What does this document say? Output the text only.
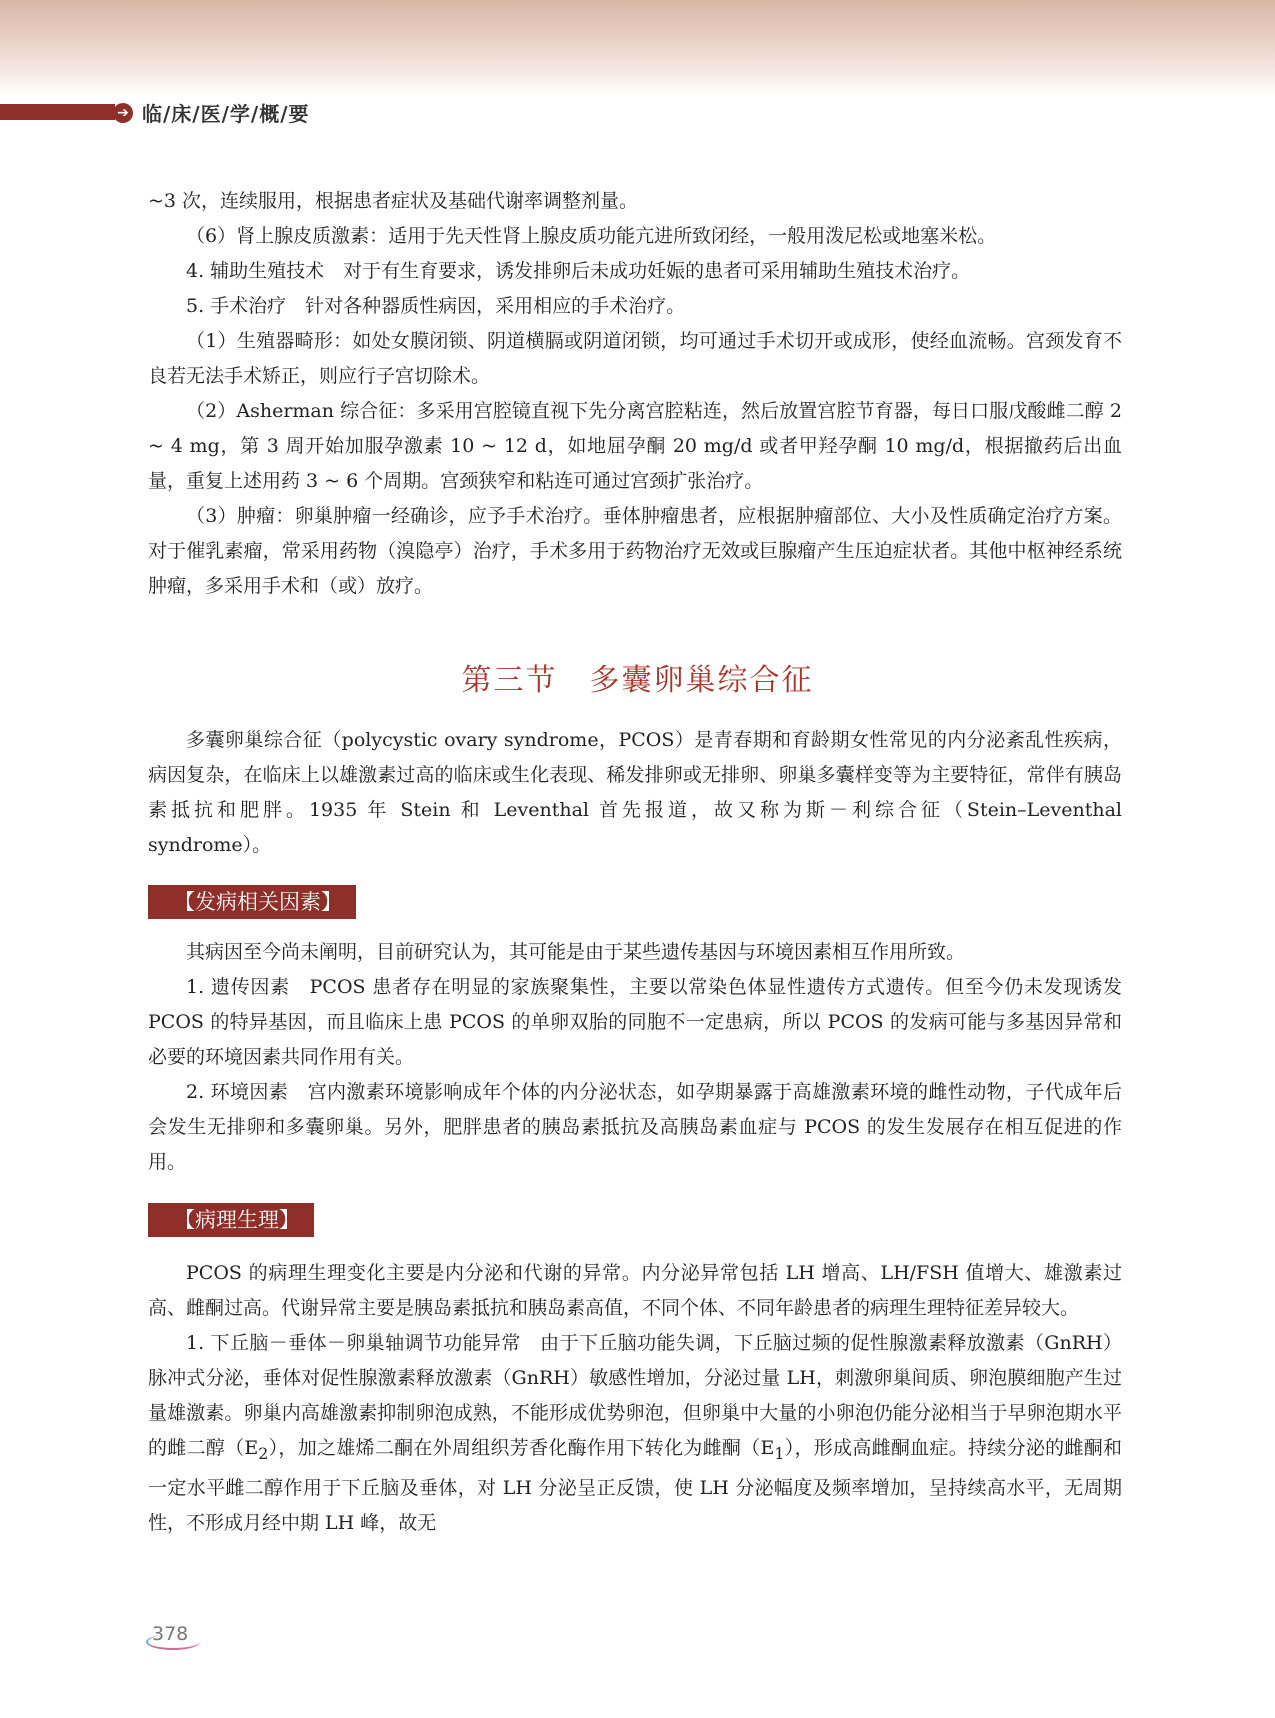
➔ 临/床/医/学/概/要

~3 次，连续服用，根据患者症状及基础代谢率调整剂量。

（6）肾上腺皮质激素：适用于先天性肾上腺皮质功能亢进所致闭经，一般用泼尼松或地塞米松。

4. 辅助生殖技术　对于有生育要求，诱发排卵后未成功妊娠的患者可采用辅助生殖技术治疗。

5. 手术治疗　针对各种器质性病因，采用相应的手术治疗。

（1）生殖器畸形：如处女膜闭锁、阴道横膈或阴道闭锁，均可通过手术切开或成形，使经血流畅。宫颈发育不良若无法手术矫正，则应行子宫切除术。

（2）Asherman 综合征：多采用宫腔镜直视下先分离宫腔粘连，然后放置宫腔节育器，每日口服戊酸雌二醇 2 ~ 4 mg，第 3 周开始加服孕激素 10 ~ 12 d，如地屈孕酮 20 mg/d 或者甲羟孕酮 10 mg/d，根据撤药后出血量，重复上述用药 3 ~ 6 个周期。宫颈狭窄和粘连可通过宫颈扩张治疗。

（3）肿瘤：卵巢肿瘤一经确诊，应予手术治疗。垂体肿瘤患者，应根据肿瘤部位、大小及性质确定治疗方案。对于催乳素瘤，常采用药物（溴隐亭）治疗，手术多用于药物治疗无效或巨腺瘤产生压迫症状者。其他中枢神经系统肿瘤，多采用手术和（或）放疗。

第三节　多囊卵巢综合征

多囊卵巢综合征（polycystic ovary syndrome，PCOS）是青春期和育龄期女性常见的内分泌紊乱性疾病，病因复杂，在临床上以雄激素过高的临床或生化表现、稀发排卵或无排卵、卵巢多囊样变等为主要特征，常伴有胰岛素抵抗和肥胖。1935 年 Stein 和 Leventhal 首先报道，故又称为斯－利综合征（Stein–Leventhal syndrome）。

【发病相关因素】

其病因至今尚未阐明，目前研究认为，其可能是由于某些遗传基因与环境因素相互作用所致。

1. 遗传因素　PCOS 患者存在明显的家族聚集性，主要以常染色体显性遗传方式遗传。但至今仍未发现诱发 PCOS 的特异基因，而且临床上患 PCOS 的单卵双胎的同胞不一定患病，所以 PCOS 的发病可能与多基因异常和必要的环境因素共同作用有关。

2. 环境因素　宫内激素环境影响成年个体的内分泌状态，如孕期暴露于高雄激素环境的雌性动物，子代成年后会发生无排卵和多囊卵巢。另外，肥胖患者的胰岛素抵抗及高胰岛素血症与 PCOS 的发生发展存在相互促进的作用。

【病理生理】

PCOS 的病理生理变化主要是内分泌和代谢的异常。内分泌异常包括 LH 增高、LH/FSH 值增大、雄激素过高、雌酮过高。代谢异常主要是胰岛素抵抗和胰岛素高值，不同个体、不同年龄患者的病理生理特征差异较大。

1. 下丘脑－垂体－卵巢轴调节功能异常　由于下丘脑功能失调，下丘脑过频的促性腺激素释放激素（GnRH）脉冲式分泌，垂体对促性腺激素释放激素（GnRH）敏感性增加，分泌过量 LH，刺激卵巢间质、卵泡膜细胞产生过量雄激素。卵巢内高雄激素抑制卵泡成熟，不能形成优势卵泡，但卵巢中大量的小卵泡仍能分泌相当于早卵泡期水平的雌二醇$(E_2)$，加之雄烯二酮在外周组织芳香化酶作用下转化为雌酮$(E_1)$，形成高雌酮血症。持续分泌的雌酮和一定水平雌二醇作用于下丘脑及垂体，对 LH 分泌呈正反馈，使 LH 分泌幅度及频率增加，呈持续高水平，无周期性，不形成月经中期 LH 峰，故无

378
